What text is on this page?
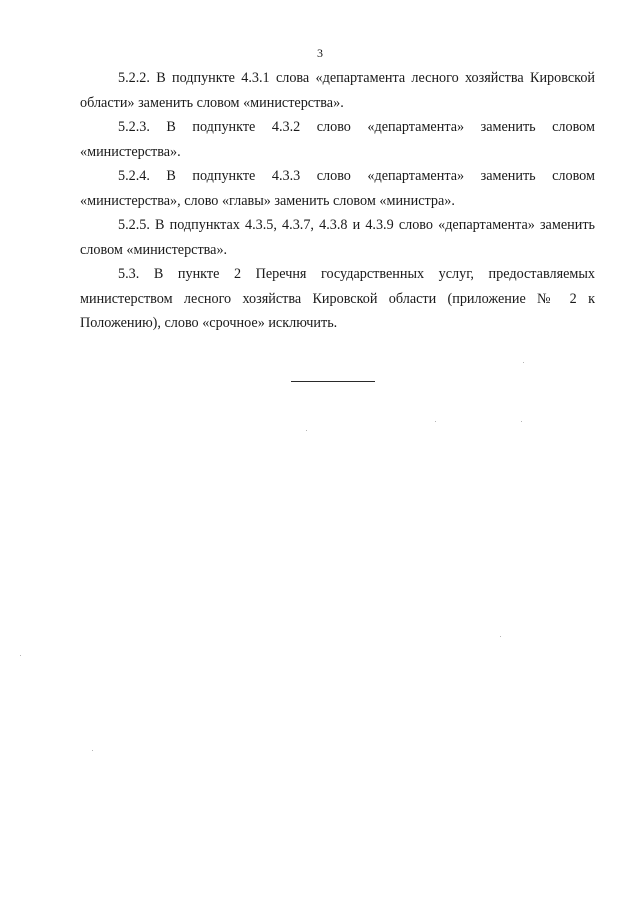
3

5.2.2. В подпункте 4.3.1 слова «департамента лесного хозяйства Кировской области» заменить словом «министерства».

5.2.3. В подпункте 4.3.2 слово «департамента» заменить словом «министерства».

5.2.4. В подпункте 4.3.3 слово «департамента» заменить словом «министерства», слово «главы» заменить словом «министра».

5.2.5. В подпунктах 4.3.5, 4.3.7, 4.3.8 и 4.3.9 слово «департамента» заменить словом «министерства».

5.3. В пункте 2 Перечня государственных услуг, предоставляемых министерством лесного хозяйства Кировской области (приложение № 2 к Положению), слово «срочное» исключить.
